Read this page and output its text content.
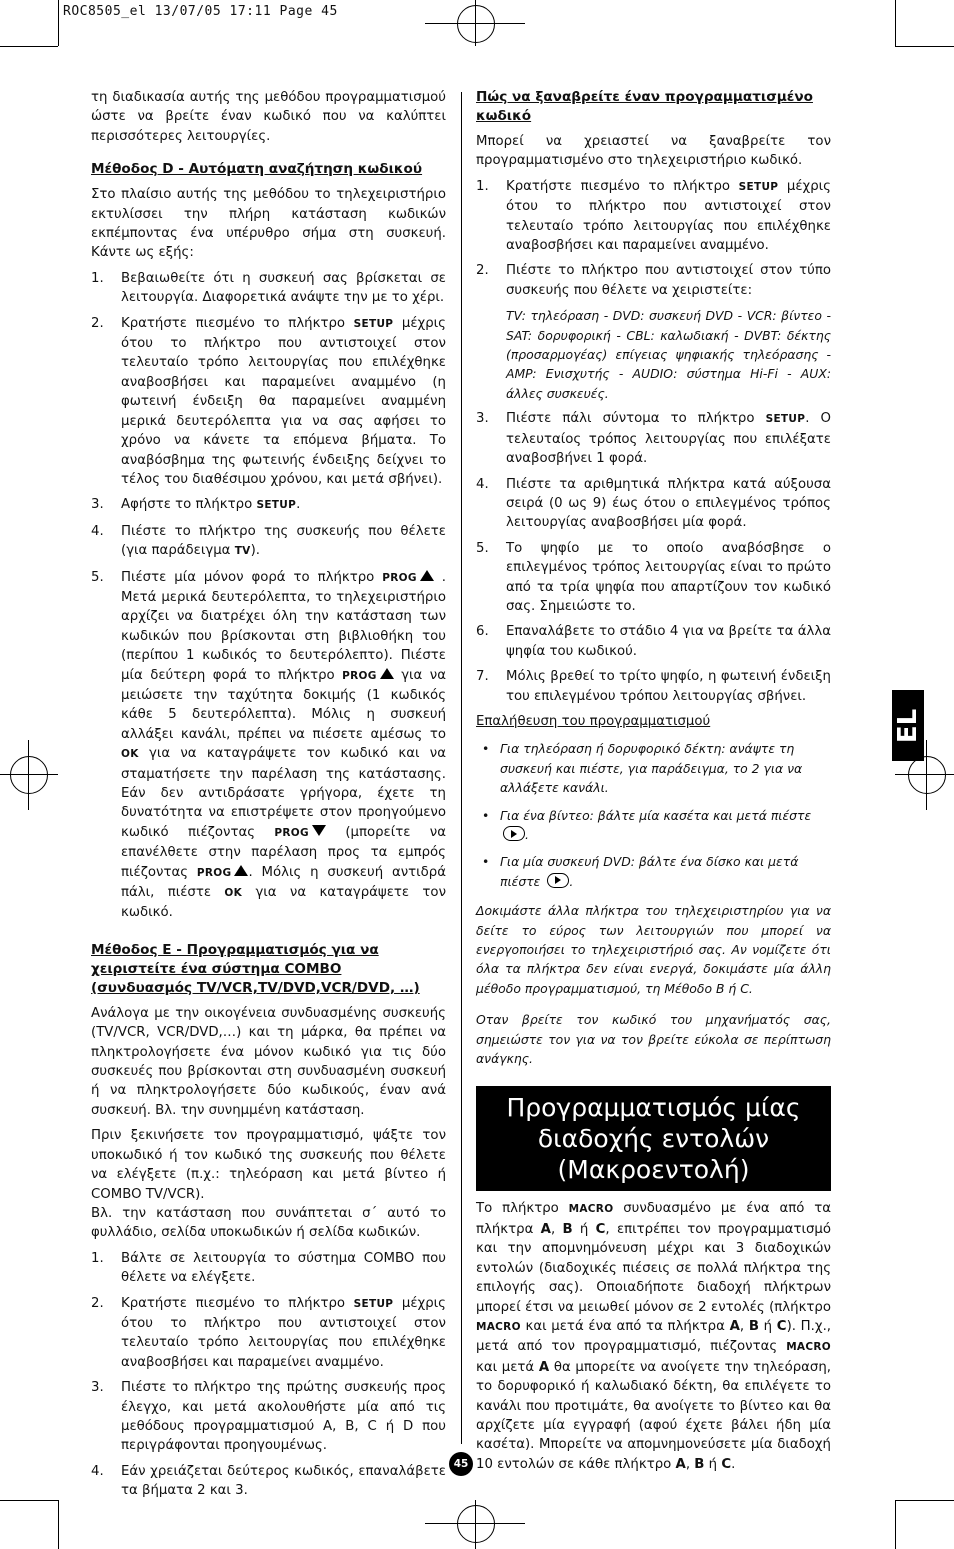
ROC8505_el 13/07/05 17:11 Page 45
EL

τη διαδικασία αυτής της μεθόδου προγραμματισμού ώστε να βρείτε έναν κωδικό που να καλύπτει περισσότερες λειτουργίες.

Μέθοδος D - Αυτόματη αναζήτηση κωδικού

Στο πλαίσιο αυτής της μεθόδου το τηλεχειριστήριο εκτυλίσσει την πλήρη κατάσταση κωδικών εκπέμποντας ένα υπέρυθρο σήμα στη συσκευή. Κάντε ως εξής:

1. Βεβαιωθείτε ότι η συσκευή σας βρίσκεται σε λειτουργία. Διαφορετικά ανάψτε την με το χέρι.
2. Κρατήστε πιεσμένο το πλήκτρο SETUP μέχρις ότου το πλήκτρο που αντιστοιχεί στον τελευταίο τρόπο λειτουργίας που επιλέχθηκε αναβοσβήσει και παραμείνει αναμμένο (η φωτεινή ένδειξη θα παραμείνει αναμμένη μερικά δευτερόλεπτα για να σας αφήσει το χρόνο να κάνετε τα επόμενα βήματα. Το αναβόσβημα της φωτεινής ένδειξης δείχνει το τέλος του διαθέσιμου χρόνου, και μετά σβήνει).
3. Αφήστε το πλήκτρο SETUP.
4. Πιέστε το πλήκτρο της συσκευής που θέλετε (για παράδειγμα TV).
5. Πιέστε μία μόνον φορά το πλήκτρο PROG . Μετά μερικά δευτερόλεπτα, το τηλεχειριστήριο αρχίζει να διατρέχει όλη την κατάσταση των κωδικών που βρίσκονται στη βιβλιοθήκη του (περίπου 1 κωδικός το δευτερόλεπτο). Πιέστε μία δεύτερη φορά το πλήκτρο PROG για να μειώσετε την ταχύτητα δοκιμής (1 κωδικός κάθε 5 δευτερόλεπτα). Μόλις η συσκευή αλλάξει κανάλι, πρέπει να πιέσετε αμέσως το OK για να καταγράψετε τον κωδικό και να σταματήσετε την παρέλαση της κατάστασης. Εάν δεν αντιδράσατε γρήγορα, έχετε τη δυνατότητα να επιστρέψετε στον προηγούμενο κωδικό πιέζοντας PROG	(μπορείτε να επανέλθετε στην παρέλαση προς τα εμπρός πιέζοντας PROG . Μόλις η συσκευή αντιδρά πάλι, πιέστε OK για να καταγράψετε τον κωδικό.
Μέθοδος E - Προγραμματισμός για να χειριστείτε ένα σύστημα COMBO (συνδυασμός TV/VCR,TV/DVD,VCR/DVD, …)

Ανάλογα με την οικογένεια συνδυασμένης συσκευής (TV/VCR, VCR/DVD,…) και τη μάρκα, θα πρέπει να πληκτρολογήσετε ένα μόνον κωδικό για τις δύο συσκευές που βρίσκονται στη συνδυασμένη συσκευή ή να πληκτρολογήσετε δύο κωδικούς, έναν ανά συσκευή. Βλ. την συνημμένη κατάσταση.

Πριν ξεκινήσετε τον προγραμματισμό, ψάξτε τον υποκωδικό ή τον κωδικό της συσκευής που θέλετε να ελέγξετε (π.χ.: τηλεόραση και μετά βίντεο ή COMBO TV/VCR).

Βλ. την κατάσταση που συνάπτεται σ΄ αυτό το φυλλάδιο, σελίδα υποκωδικών ή σελίδα κωδικών.

1. Βάλτε σε λειτουργία το σύστημα COMBO που θέλετε να ελέγξετε.
2. Κρατήστε πιεσμένο το πλήκτρο SETUP μέχρις ότου το πλήκτρο που αντιστοιχεί στον τελευταίο τρόπο λειτουργίας που επιλέχθηκε αναβοσβήσει και παραμείνει αναμμένο.
3. Πιέστε το πλήκτρο της πρώτης συσκευής προς έλεγχο, και μετά ακολουθήστε μία από τις μεθόδους προγραμματισμού A, B, C ή D που περιγράφονται προηγουμένως.
4. Εάν χρειάζεται δεύτερος κωδικός, επαναλάβετε τα βήματα 2 και 3.
Πώς να ξαναβρείτε έναν προγραμματισμένο κωδικό

Μπορεί να χρειαστεί να ξαναβρείτε τον προγραμματισμένο στο τηλεχειριστήριο κωδικό.

1. Κρατήστε πιεσμένο το πλήκτρο SETUP μέχρις ότου το πλήκτρο που αντιστοιχεί στον τελευταίο τρόπο λειτουργίας που επιλέχθηκε αναβοσβήσει και παραμείνει αναμμένο.
2. Πιέστε το πλήκτρο που αντιστοιχεί στον τύπο συσκευής που θέλετε να χειριστείτε:

TV: τηλεόραση - DVD: συσκευή DVD - VCR: βίντεο - SAT: δορυφορική - CBL: καλωδιακή - DVBT: δέκτης (προσαρμογέας) επίγειας ψηφιακής τηλεόρασης - AMP: Ενισχυτής - AUDIO: σύστημα Hi-Fi - AUX: άλλες συσκευές.

3. Πιέστε πάλι σύντομα το πλήκτρο SETUP. Ο τελευταίος τρόπος λειτουργίας που επιλέξατε αναβοσβήνει 1 φορά.
4. Πιέστε τα αριθμητικά πλήκτρα κατά αύξουσα σειρά (0 ως 9) έως ότου ο επιλεγμένος τρόπος λειτουργίας αναβοσβήσει μία φορά.
5. Το ψηφίο με το οποίο αναβόσβησε ο επιλεγμένος τρόπος λειτουργίας είναι το πρώτο από τα τρία ψηφία που απαρτίζουν τον κωδικό σας. Σημειώστε το.
6. Επαναλάβετε το στάδιο 4 για να βρείτε τα άλλα ψηφία του κωδικού.
7. Μόλις βρεθεί το τρίτο ψηφίο, η φωτεινή ένδειξη του επιλεγμένου τρόπου λειτουργίας σβήνει.

Επαλήθευση του προγραμματισμού

• Για τηλεόραση ή δορυφορικό δέκτη: ανάψτε τη συσκευή και πιέστε, για παράδειγμα, το 2 για να αλλάξετε κανάλι.
• Για ένα βίντεο: βάλτε μία κασέτα και μετά πιέστε .
• Για μία συσκευή DVD: βάλτε ένα δίσκο και μετά πιέστε .

Δοκιμάστε άλλα πλήκτρα του τηλεχειριστηρίου για να δείτε το εύρος των λειτουργιών που μπορεί να ενεργοποιήσει το τηλεχειριστήριό σας. Αν νομίζετε ότι όλα τα πλήκτρα δεν είναι ενεργά, δοκιμάστε μία άλλη μέθοδο προγραμματισμού, τη Μέθοδο B ή C.

Οταν βρείτε τον κωδικό του μηχανήματός σας, σημειώστε τον για να τον βρείτε εύκολα σε περίπτωση ανάγκης.

Προγραμματισμός μίας διαδοχής εντολών (Μακροεντολή)

Το πλήκτρο MACRO συνδυασμένο με ένα από τα πλήκτρα A, B ή C, επιτρέπει τον προγραμματισμό και την απομνημόνευση μέχρι και 3 διαδοχικών εντολών (διαδοχικές πιέσεις σε πολλά πλήκτρα της επιλογής σας). Οποιαδήποτε διαδοχή πλήκτρων μπορεί έτσι να μειωθεί μόνον σε 2 εντολές (πλήκτρο MACRO και μετά ένα από τα πλήκτρα A, B ή C). Π.χ., μετά από τον προγραμματισμό, πιέζοντας MACRO και μετά A θα μπορείτε να ανοίγετε την τηλεόραση, το δορυφορικό ή καλωδιακό δέκτη, θα επιλέγετε το κανάλι που προτιμάτε, θα ανοίγετε το βίντεο και θα αρχίζετε μία εγγραφή (αφού έχετε βάλει ήδη μία κασέτα). Μπορείτε να απομνημονεύσετε μία διαδοχή 10 εντολών σε κάθε πλήκτρο A, B ή C.

45
